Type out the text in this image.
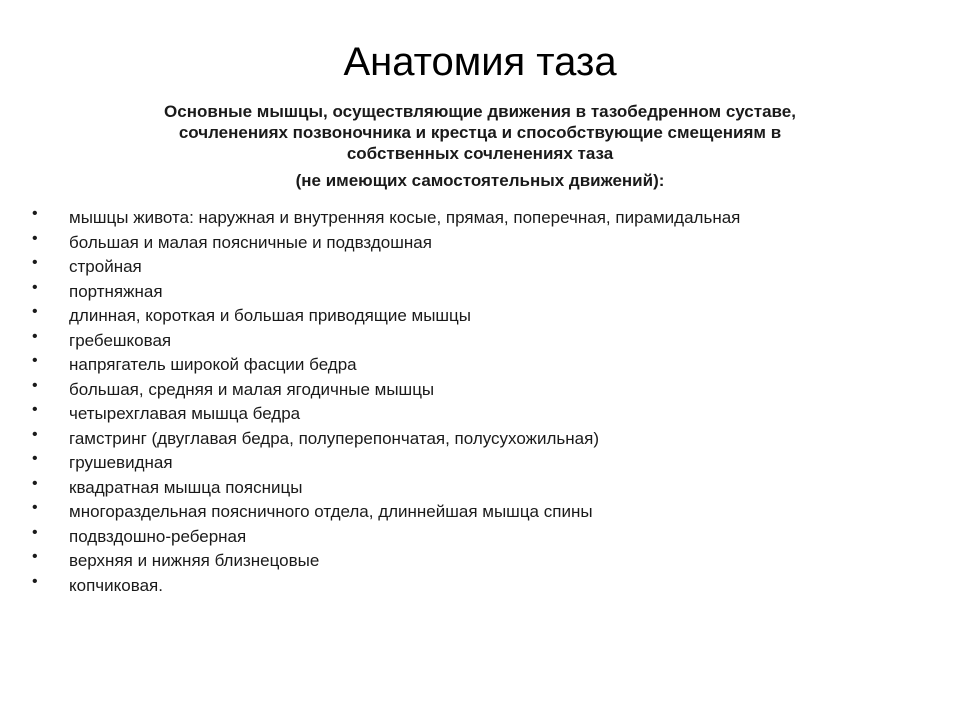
Анатомия таза
Основные мышцы, осуществляющие движения в тазобедренном суставе,
сочленениях позвоночника и крестца и способствующие смещениям в
собственных сочленениях таза
(не имеющих самостоятельных движений):
• мышцы живота: наружная и внутренняя косые, прямая, поперечная, пирамидальная
• большая и малая поясничные и подвздошная
• стройная
• портняжная
• длинная, короткая и большая приводящие мышцы
• гребешковая
• напрягатель широкой фасции бедра
• большая, средняя и малая ягодичные мышцы
• четырехглавая мышца бедра
• гамстринг (двуглавая бедра, полуперепончатая, полусухожильная)
• грушевидная
• квадратная мышца поясницы
• многораздельная поясничного отдела, длиннейшая мышца спины
• подвздошно-реберная
• верхняя и нижняя близнецовые
• копчиковая.
